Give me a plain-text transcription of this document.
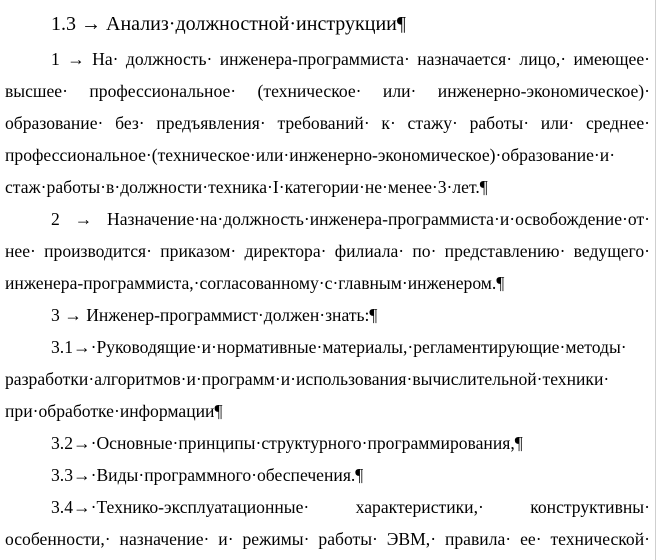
1.3 → Анализ·должностной·инструкции¶
1 → На· должность· инженера-программиста· назначается· лицо,· имеющее·
высшее· профессиональное· (техническое· или· инженерно-экономическое)·
образование· без· предъявления· требований· к· стажу· работы· или· среднее·
профессиональное·(техническое·или·инженерно-экономическое)·образование·и·
стаж·работы·в·должности·техника·I·категории·не·менее·3·лет.¶
2 → Назначение·на·должность·инженера-программиста·и·освобождение·от·
нее· производится· приказом· директора· филиала· по· представлению· ведущего·
инженера-программиста,·согласованному·с·главным·инженером.¶
3 → Инженер-программист·должен·знать:¶
3.1→·Руководящие·и·нормативные·материалы,·регламентирующие·методы·
разработки·алгоритмов·и·программ·и·использования·вычислительной·техники·
при·обработке·информации¶
3.2→·Основные·принципы·структурного·программирования,¶
3.3→·Виды·программного·обеспечения.¶
3.4→·Технико-эксплуатационные· характеристики,· конструктивны·
особенности,· назначение· и· режимы· работы· ЭВМ,· правила· ее· технической·
